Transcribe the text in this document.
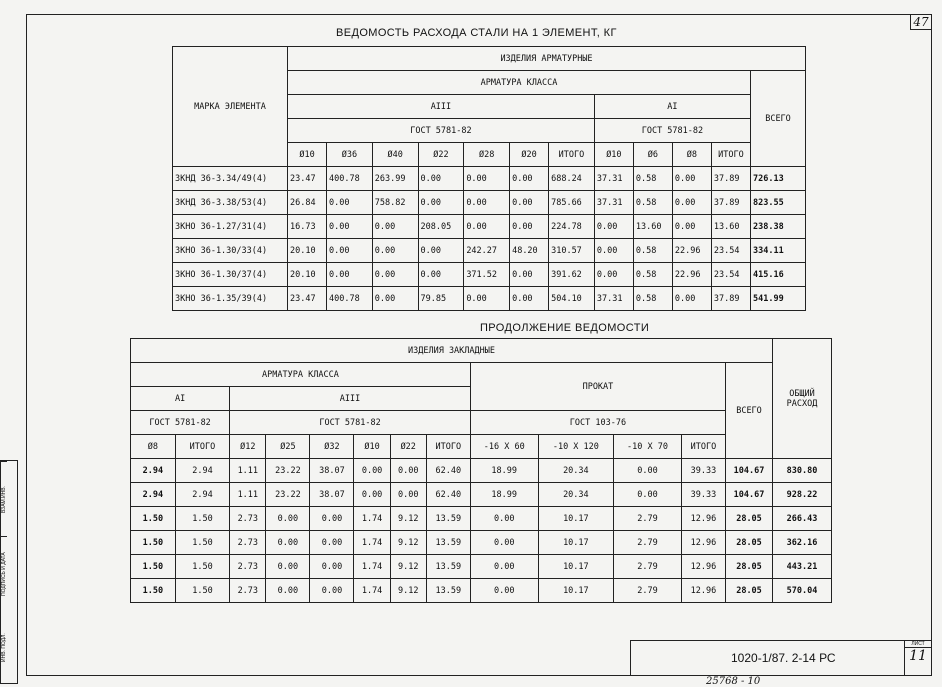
47
ВЕДОМОСТЬ РАСХОДА СТАЛИ НА 1 ЭЛЕМЕНТ, КГ
МАРКА ЭЛЕМЕНТА	ИЗДЕЛИЯ АРМАТУРНЫЕ											
	АРМАТУРА КЛАССА											ВСЕГО
	AIII							AI				
	ГОСТ 5781-82							ГОСТ 5781-82				
	Ø10	Ø36	Ø40	Ø22	Ø28	Ø20	ИТОГО	Ø10	Ø6	Ø8	ИТОГО	
ЗКНД 36-3.34/49(4)	23.47	400.78	263.99	0.00	0.00	0.00	688.24	37.31	0.58	0.00	37.89	726.13
ЗКНД 36-3.38/53(4)	26.84	0.00	758.82	0.00	0.00	0.00	785.66	37.31	0.58	0.00	37.89	823.55
ЗКНО 36-1.27/31(4)	16.73	0.00	0.00	208.05	0.00	0.00	224.78	0.00	13.60	0.00	13.60	238.38
ЗКНО 36-1.30/33(4)	20.10	0.00	0.00	0.00	242.27	48.20	310.57	0.00	0.58	22.96	23.54	334.11
ЗКНО 36-1.30/37(4)	20.10	0.00	0.00	0.00	371.52	0.00	391.62	0.00	0.58	22.96	23.54	415.16
ЗКНО 36-1.35/39(4)	23.47	400.78	0.00	79.85	0.00	0.00	504.10	37.31	0.58	0.00	37.89	541.99
ПРОДОЛЖЕНИЕ ВЕДОМОСТИ
ИЗДЕЛИЯ ЗАКЛАДНЫЕ													ОБЩИЙ
РАСХОД
АРМАТУРА КЛАССА								ПРОКАТ				ВСЕГО	
AI		AIII											
ГОСТ 5781-82		ГОСТ 5781-82						ГОСТ 103-76					
Ø8	ИТОГО	Ø12	Ø25	Ø32	Ø10	Ø22	ИТОГО	-16 X 60	-10 X 120	-10 X 70	ИТОГО		
2.94	2.94	1.11	23.22	38.07	0.00	0.00	62.40	18.99	20.34	0.00	39.33	104.67	830.80
2.94	2.94	1.11	23.22	38.07	0.00	0.00	62.40	18.99	20.34	0.00	39.33	104.67	928.22
1.50	1.50	2.73	0.00	0.00	1.74	9.12	13.59	0.00	10.17	2.79	12.96	28.05	266.43
1.50	1.50	2.73	0.00	0.00	1.74	9.12	13.59	0.00	10.17	2.79	12.96	28.05	362.16
1.50	1.50	2.73	0.00	0.00	1.74	9.12	13.59	0.00	10.17	2.79	12.96	28.05	443.21
1.50	1.50	2.73	0.00	0.00	1.74	9.12	13.59	0.00	10.17	2.79	12.96	28.05	570.04
ВЗАМ.ИНВ.
ПОДПИСЬ И ДАТА
ИНВ. ПОДЛ.	1020-1/87. 2-14 РС
ЛИСТ
11
25768 - 10
